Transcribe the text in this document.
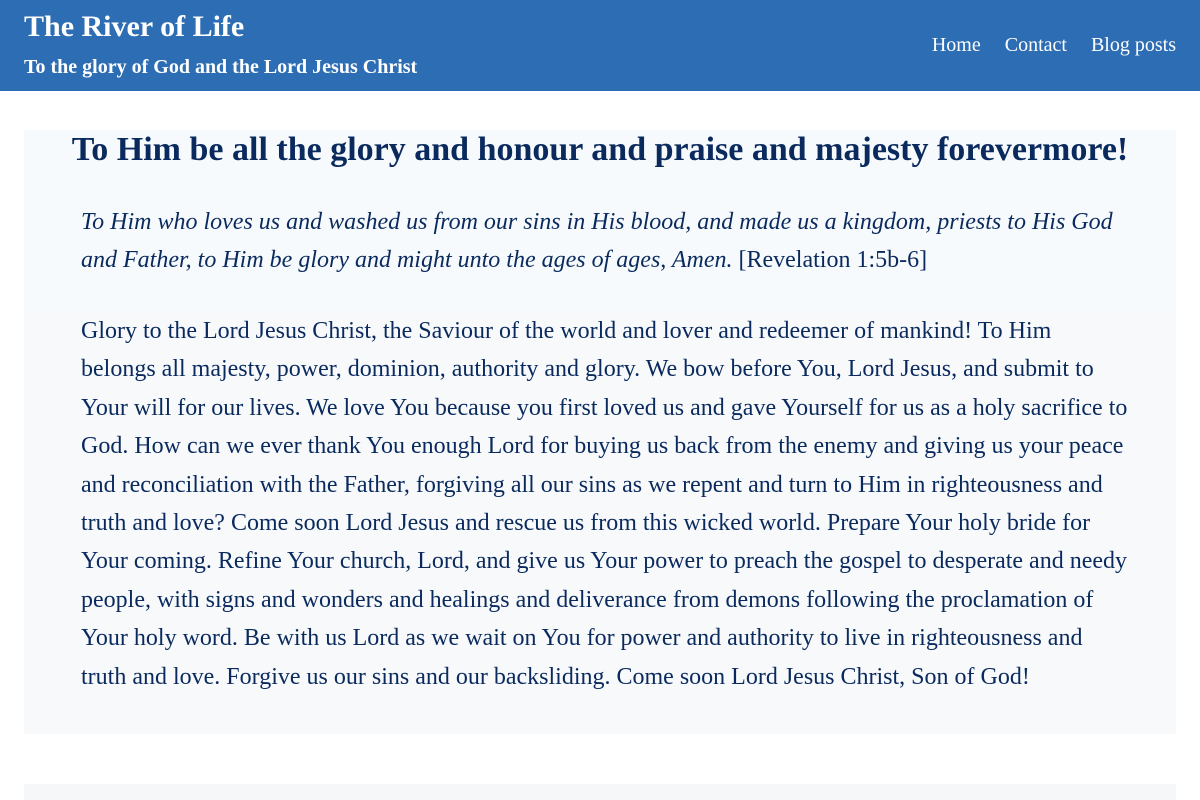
The River of Life
To the glory of God and the Lord Jesus Christ
Home Contact Blog posts
To Him be all the glory and honour and praise and majesty forevermore!

To Him who loves us and washed us from our sins in His blood, and made us a kingdom, priests to His God and Father, to Him be glory and might unto the ages of ages, Amen. [Revelation 1:5b-6]

Glory to the Lord Jesus Christ, the Saviour of the world and lover and redeemer of mankind! To Him belongs all majesty, power, dominion, authority and glory. We bow before You, Lord Jesus, and submit to Your will for our lives. We love You because you first loved us and gave Yourself for us as a holy sacrifice to God. How can we ever thank You enough Lord for buying us back from the enemy and giving us your peace and reconciliation with the Father, forgiving all our sins as we repent and turn to Him in righteousness and truth and love? Come soon Lord Jesus and rescue us from this wicked world. Prepare Your holy bride for Your coming. Refine Your church, Lord, and give us Your power to preach the gospel to desperate and needy people, with signs and wonders and healings and deliverance from demons following the proclamation of Your holy word. Be with us Lord as we wait on You for power and authority to live in righteousness and truth and love. Forgive us our sins and our backsliding. Come soon Lord Jesus Christ, Son of God!
